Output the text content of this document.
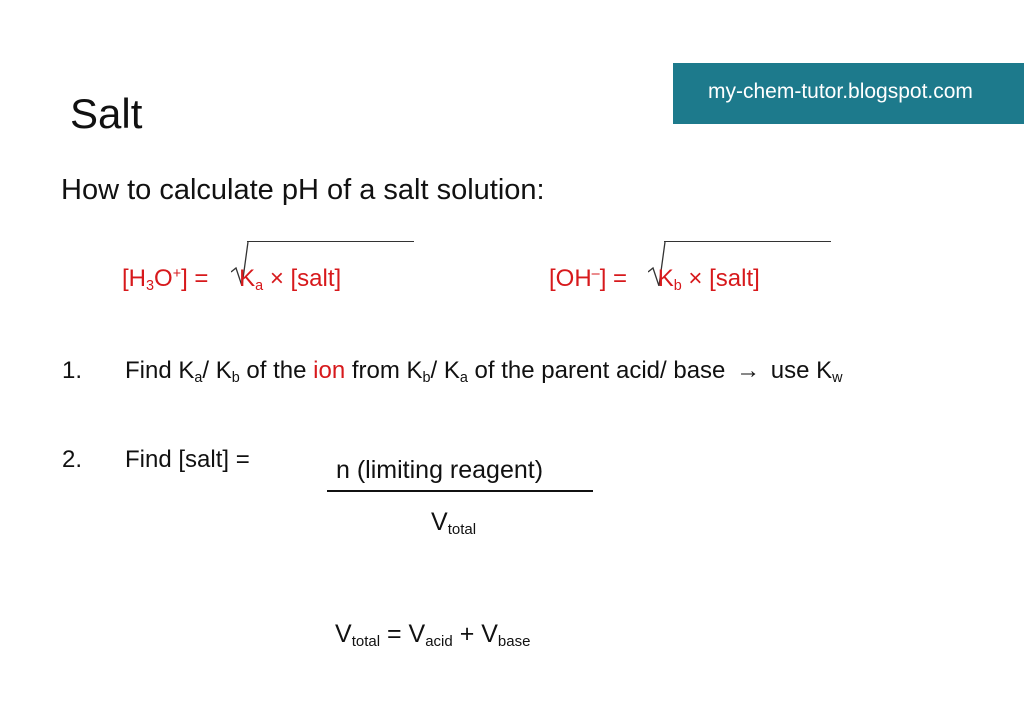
my-chem-tutor.blogspot.com
Salt
How to calculate pH of a salt solution:
$[H_3O^+] = K_a$ × [salt]	$[OH^-] = K_b$ × [salt]
1. Find $K_a/$ $K_b$ of the ion from $K_b/$ $K_a$ of the parent acid/ base → use $K_w$
2. Find [salt] =	n (limiting reagent)
$V_{total}$
$V_{total} = V_{acid} + V_{base}$
